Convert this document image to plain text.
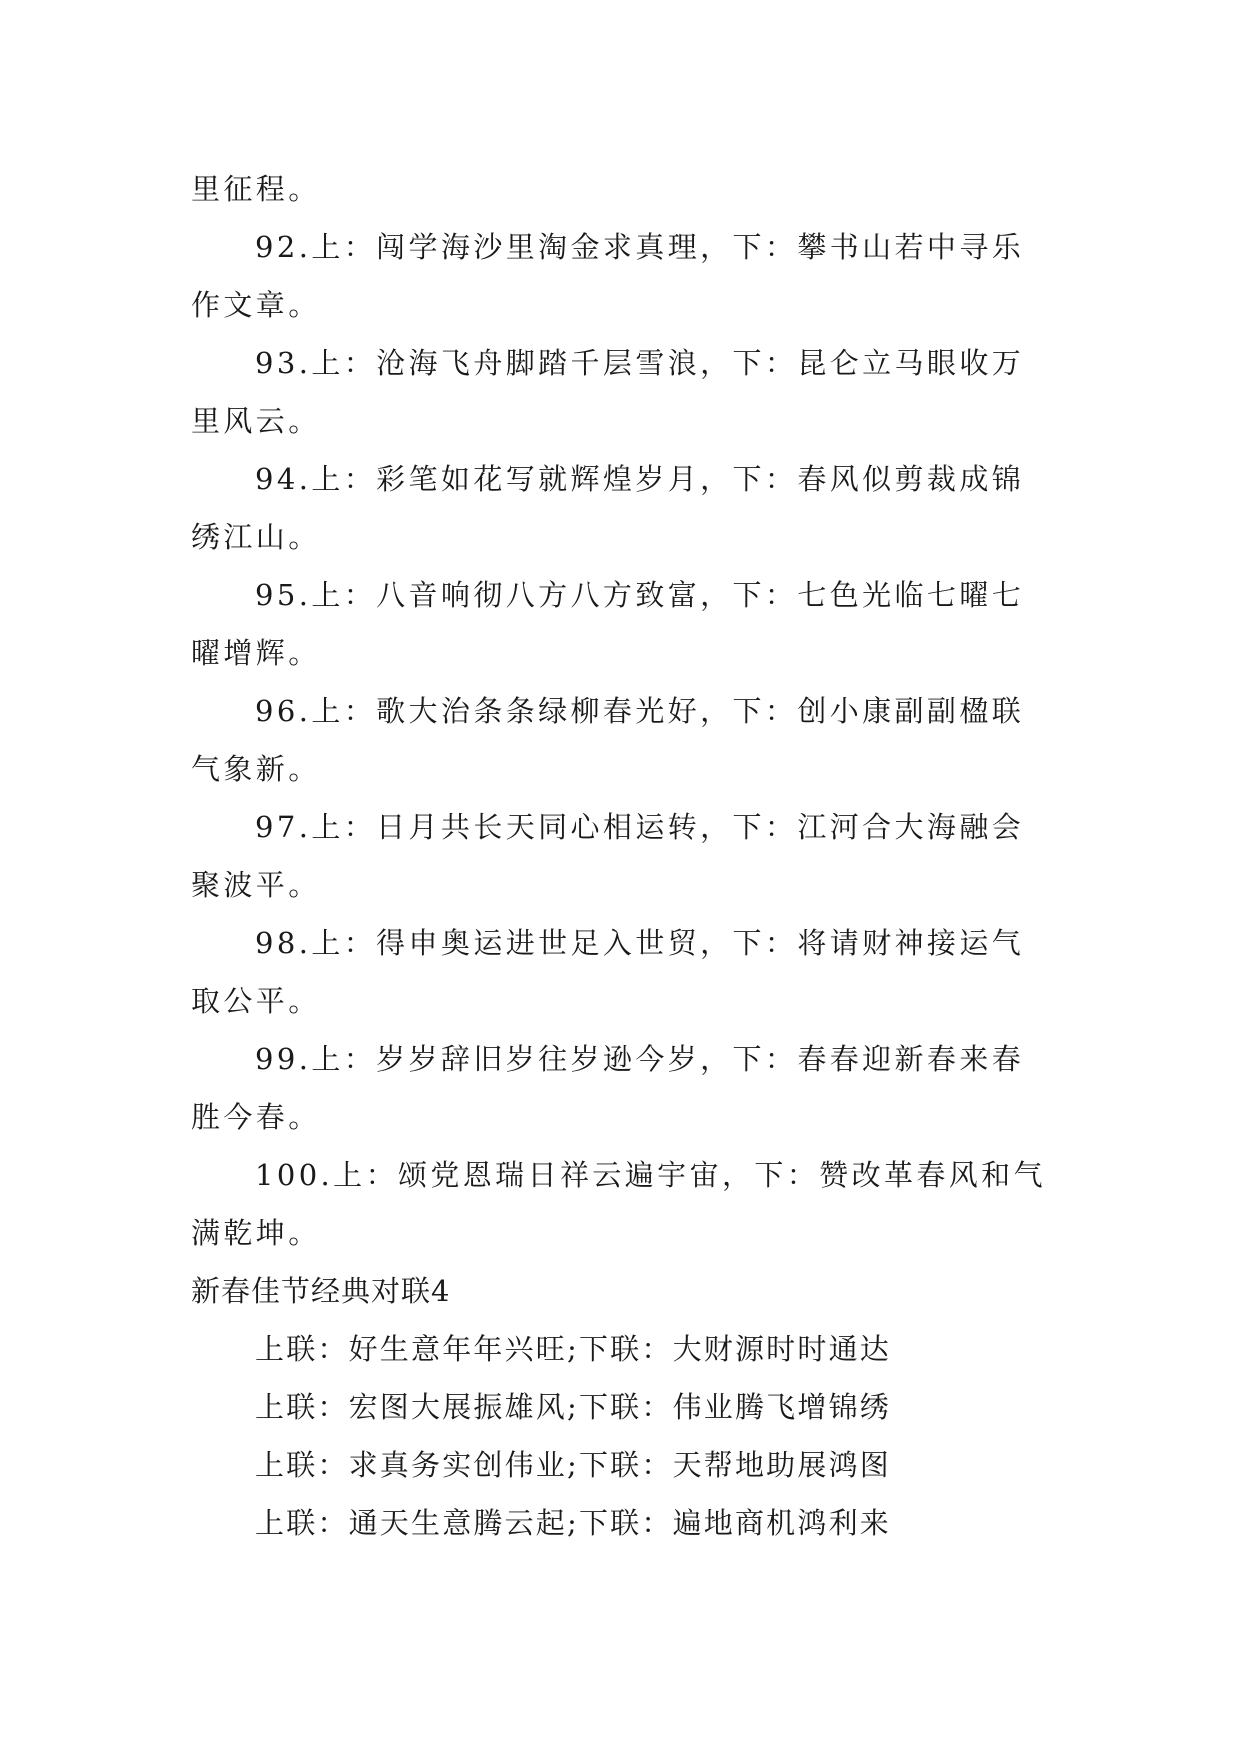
里征程。
92.上：闯学海沙里淘金求真理，下：攀书山若中寻乐
作文章。
93.上：沧海飞舟脚踏千层雪浪，下：昆仑立马眼收万
里风云。
94.上：彩笔如花写就辉煌岁月，下：春风似剪裁成锦
绣江山。
95.上：八音响彻八方八方致富，下：七色光临七曜七
曜增辉。
96.上：歌大治条条绿柳春光好，下：创小康副副楹联
气象新。
97.上：日月共长天同心相运转，下：江河合大海融会
聚波平。
98.上：得申奥运进世足入世贸，下：将请财神接运气
取公平。
99.上：岁岁辞旧岁往岁逊今岁，下：春春迎新春来春
胜今春。
100.上：颂党恩瑞日祥云遍宇宙，下：赞改革春风和气
满乾坤。
新春佳节经典对联4
上联：好生意年年兴旺;下联：大财源时时通达
上联：宏图大展振雄风;下联：伟业腾飞增锦绣
上联：求真务实创伟业;下联：天帮地助展鸿图
上联：通天生意腾云起;下联：遍地商机鸿利来
